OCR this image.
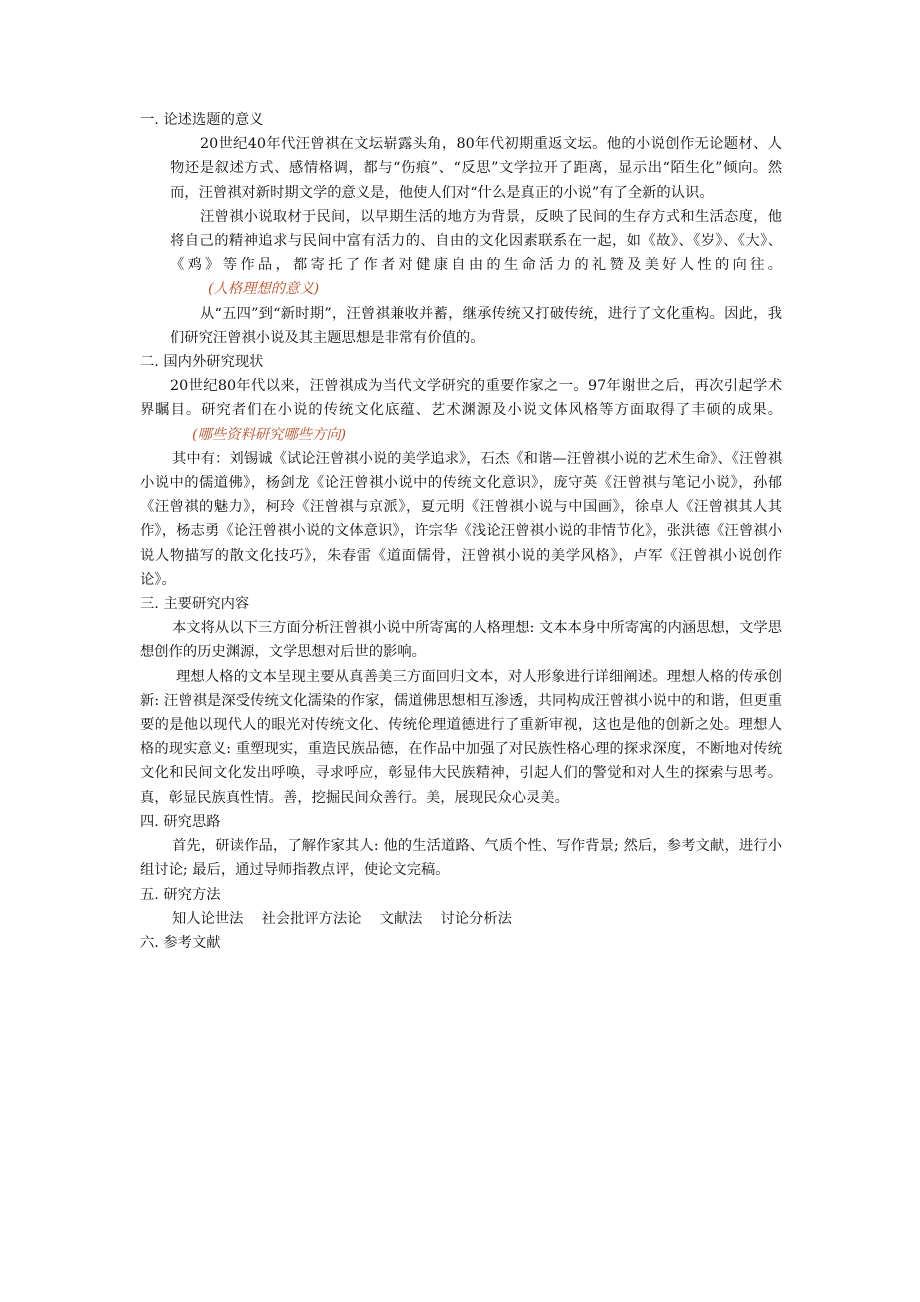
一. 论述选题的意义

20世纪40年代汪曾祺在文坛崭露头角，80年代初期重返文坛。他的小说创作无论题材、人物还是叙述方式、感情格调，都与“伤痕”、“反思”文学拉开了距离，显示出“陌生化”倾向。然而，汪曾祺对新时期文学的意义是，他使人们对“什么是真正的小说”有了全新的认识。

汪曾祺小说取材于民间，以早期生活的地方为背景，反映了民间的生存方式和生活态度，他将自己的精神追求与民间中富有活力的、自由的文化因素联系在一起，如《故》、《岁》、《大》、《鸡》等作品，都寄托了作者对健康自由的生命活力的礼赞及美好人性的向往。(人格理想的意义)

从“五四”到“新时期”，汪曾祺兼收并蓄，继承传统又打破传统，进行了文化重构。因此，我们研究汪曾祺小说及其主题思想是非常有价值的。

二. 国内外研究现状

20世纪80年代以来，汪曾祺成为当代文学研究的重要作家之一。97年谢世之后，再次引起学术界瞩目。研究者们在小说的传统文化底蕴、艺术渊源及小说文体风格等方面取得了丰硕的成果。(哪些资料研究哪些方向)

其中有：刘锡诚《试论汪曾祺小说的美学追求》，石杰《和谐—汪曾祺小说的艺术生命》、《汪曾祺小说中的儒道佛》，杨剑龙《论汪曾祺小说中的传统文化意识》，庞守英《汪曾祺与笔记小说》，孙郁《汪曾祺的魅力》，柯玲《汪曾祺与京派》，夏元明《汪曾祺小说与中国画》，徐卓人《汪曾祺其人其作》，杨志勇《论汪曾祺小说的文体意识》，许宗华《浅论汪曾祺小说的非情节化》，张洪德《汪曾祺小说人物描写的散文化技巧》，朱春雷《道面儒骨，汪曾祺小说的美学风格》，卢军《汪曾祺小说创作论》。

三. 主要研究内容

本文将从以下三方面分析汪曾祺小说中所寄寓的人格理想: 文本本身中所寄寓的内涵思想，文学思想创作的历史渊源，文学思想对后世的影响。

理想人格的文本呈现主要从真善美三方面回归文本，对人形象进行详细阐述。理想人格的传承创新: 汪曾祺是深受传统文化濡染的作家，儒道佛思想相互渗透，共同构成汪曾祺小说中的和谐，但更重要的是他以现代人的眼光对传统文化、传统伦理道德进行了重新审视，这也是他的创新之处。理想人格的现实意义: 重塑现实，重造民族品德，在作品中加强了对民族性格心理的探求深度，不断地对传统文化和民间文化发出呼唤，寻求呼应，彰显伟大民族精神，引起人们的警觉和对人生的探索与思考。 真，彰显民族真性情。善，挖掘民间众善行。美，展现民众心灵美。

四. 研究思路

首先，研读作品，了解作家其人: 他的生活道路、气质个性、写作背景; 然后，参考文献，进行小组讨论; 最后，通过导师指教点评，使论文完稿。

五. 研究方法

知人论世法 社会批评方法论 文献法 讨论分析法

六. 参考文献
